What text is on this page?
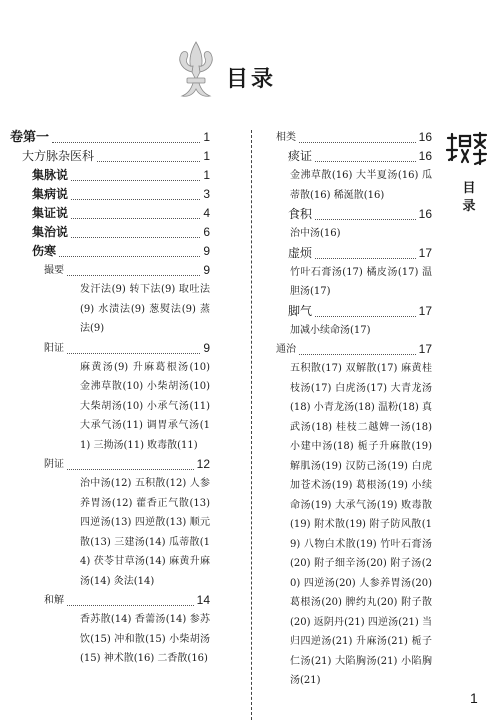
目录
卷第一	1
大方脉杂医科	1
集脉说	1
集病说	3
集证说	4
集治说	6
伤寒	9
撮要	9
发汗法(9) 转下法(9) 取吐法(9) 水渍法(9) 葱熨法(9) 蒸法(9)
阳证	9
麻黄汤(9) 升麻葛根汤(10) 金沸草散(10) 小柴胡汤(10) 大柴胡汤(10) 小承气汤(11) 大承气汤(11) 调胃承气汤(11) 三拗汤(11) 败毒散(11)
阴证	12
治中汤(12) 五积散(12) 人参养胃汤(12) 藿香正气散(13) 四逆汤(13) 四逆散(13) 顺元散(13) 三建汤(14) 瓜蒂散(14) 茯苓甘草汤(14) 麻黄升麻汤(14) 灸法(14)
和解	14
香苏散(14) 香薷汤(14) 参苏饮(15) 冲和散(15) 小柴胡汤(15) 神术散(16) 二香散(16)
相类	16
痰证	16
金沸草散(16) 大半夏汤(16) 瓜蒂散(16) 稀涎散(16)
食积	16
治中汤(16)
虚烦	17
竹叶石膏汤(17) 橘皮汤(17) 温胆汤(17)
脚气	17
加减小续命汤(17)
通治	17
五积散(17) 双解散(17) 麻黄桂枝汤(17) 白虎汤(17) 大青龙汤(18) 小青龙汤(18) 温粉(18) 真武汤(18) 桂枝二越婢一汤(18) 小建中汤(18) 栀子升麻散(19) 解肌汤(19) 汉防己汤(19) 白虎加苍术汤(19) 葛根汤(19) 小续命汤(19) 大承气汤(19) 败毒散(19) 附术散(19) 附子防风散(19) 八物白术散(19) 竹叶石膏汤(20) 附子细辛汤(20) 附子汤(20) 四逆汤(20) 人参养胃汤(20) 葛根汤(20) 脾约丸(20) 附子散(20) 返阴丹(21) 四逆汤(21) 当归四逆汤(21) 升麻汤(21) 栀子仁汤(21) 大陷胸汤(21) 小陷胸汤(21)
目
录
1
